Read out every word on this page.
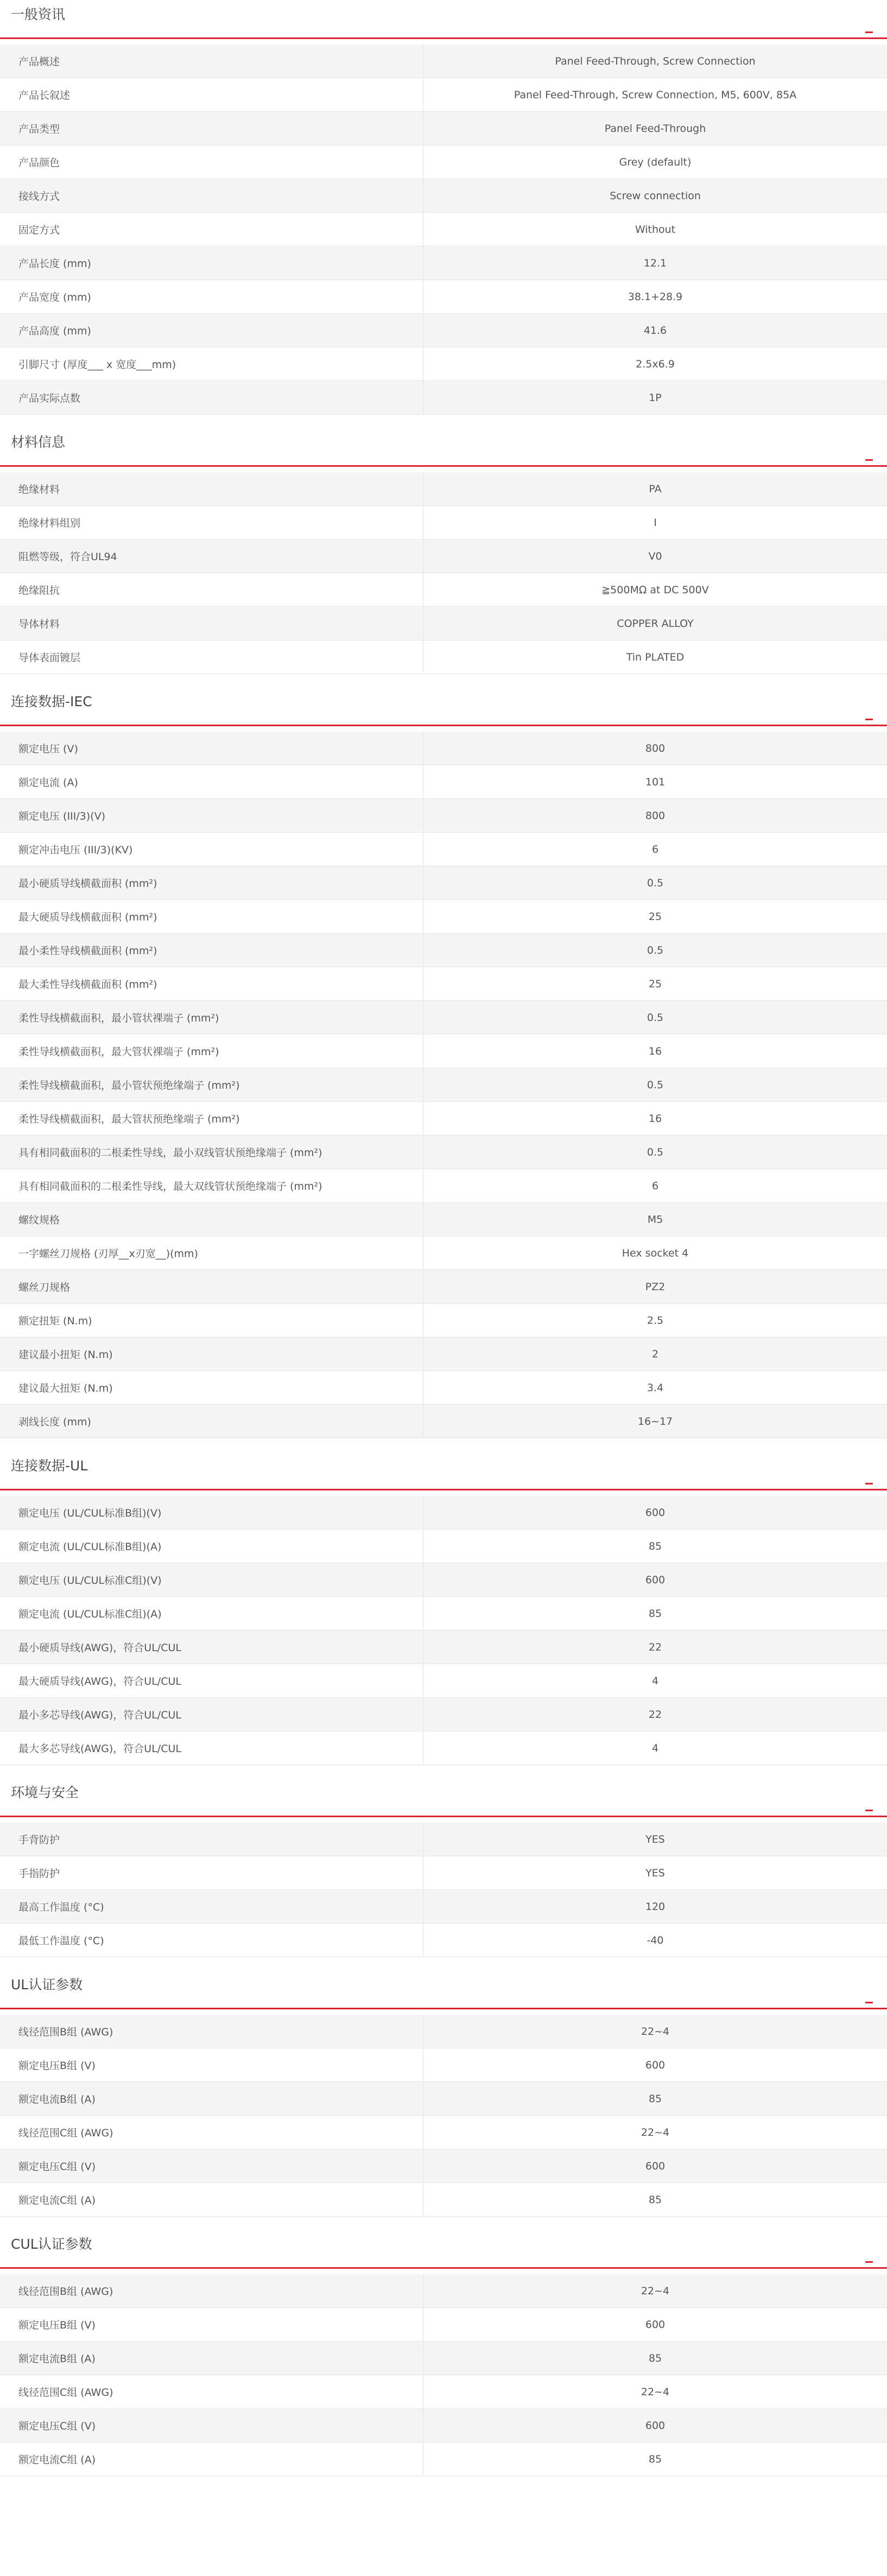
一般资讯
产品概述	Panel Feed-Through, Screw Connection
产品长叙述	Panel Feed-Through, Screw Connection, M5, 600V, 85A
产品类型	Panel Feed-Through
产品颜色	Grey (default)
接线方式	Screw connection
固定方式	Without
产品长度 (mm)	12.1
产品宽度 (mm)	38.1+28.9
产品高度 (mm)	41.6
引脚尺寸 (厚度___ x 宽度___mm)	2.5x6.9
产品实际点数	1P
材料信息
绝缘材料	PA
绝缘材料组别	I
阻燃等级，符合UL94	V0
绝缘阻抗	≧500MΩ at DC 500V
导体材料	COPPER ALLOY
导体表面镀层	Tin PLATED
连接数据-IEC
额定电压 (V)	800
额定电流 (A)	101
额定电压 (III/3)(V)	800
额定冲击电压 (III/3)(KV)	6
最小硬质导线横截面积 (mm²)	0.5
最大硬质导线横截面积 (mm²)	25
最小柔性导线横截面积 (mm²)	0.5
最大柔性导线横截面积 (mm²)	25
柔性导线横截面积，最小管状裸端子 (mm²)	0.5
柔性导线横截面积，最大管状裸端子 (mm²)	16
柔性导线横截面积，最小管状预绝缘端子 (mm²)	0.5
柔性导线横截面积，最大管状预绝缘端子 (mm²)	16
具有相同截面积的二根柔性导线，最小双线管状预绝缘端子 (mm²)	0.5
具有相同截面积的二根柔性导线，最大双线管状预绝缘端子 (mm²)	6
螺纹规格	M5
一字螺丝刀规格 (刃厚__x刃宽__)(mm)	Hex socket 4
螺丝刀规格	PZ2
额定扭矩 (N.m)	2.5
建议最小扭矩 (N.m)	2
建议最大扭矩 (N.m)	3.4
剥线长度 (mm)	16~17
连接数据-UL
额定电压 (UL/CUL标准B组)(V)	600
额定电流 (UL/CUL标准B组)(A)	85
额定电压 (UL/CUL标准C组)(V)	600
额定电流 (UL/CUL标准C组)(A)	85
最小硬质导线(AWG)，符合UL/CUL	22
最大硬质导线(AWG)，符合UL/CUL	4
最小多芯导线(AWG)，符合UL/CUL	22
最大多芯导线(AWG)，符合UL/CUL	4
环境与安全
手背防护	YES
手指防护	YES
最高工作温度 (°C)	120
最低工作温度 (°C)	-40
UL认证参数
线径范围B组 (AWG)	22~4
额定电压B组 (V)	600
额定电流B组 (A)	85
线径范围C组 (AWG)	22~4
额定电压C组 (V)	600
额定电流C组 (A)	85
CUL认证参数
线径范围B组 (AWG)	22~4
额定电压B组 (V)	600
额定电流B组 (A)	85
线径范围C组 (AWG)	22~4
额定电压C组 (V)	600
额定电流C组 (A)	85
